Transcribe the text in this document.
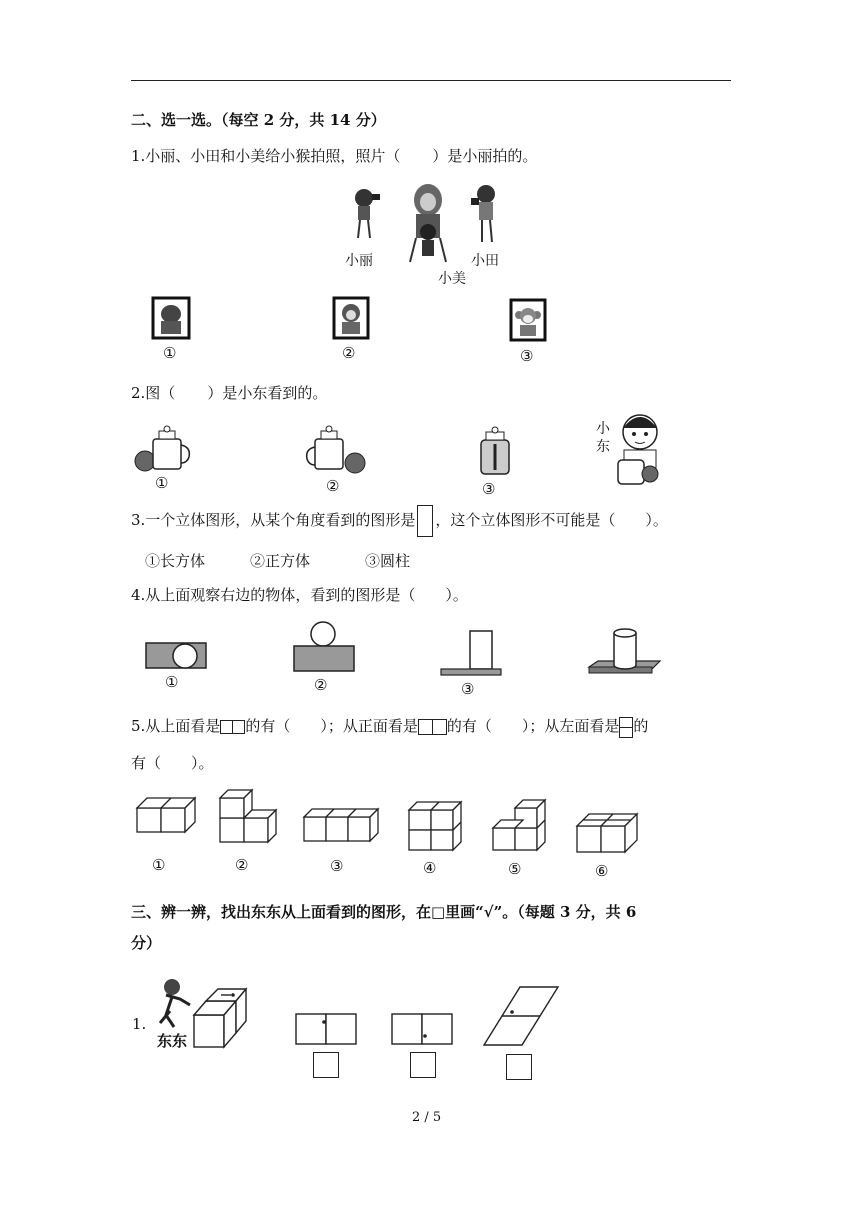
二、选一选。（每空 2 分，共 14 分）
1.小丽、小田和小美给小猴拍照，照片（ ）是小丽拍的。
小丽
小美
小田
①	②	③
2.图（ ）是小东看到的。
①	②	③
小东
3.一个立体图形，从某个角度看到的图形是 ，这个立体图形不可能是（　　）。
①长方体	②正方体	③圆柱
4.从上面观察右边的物体，看到的图形是（　　）。
①	②	③
5.从上面看是 的有（　　）；从正面看是 的有（　　）；从左面看是 的
有（　　）。
①	②	③	④	⑤	⑥
三、辨一辨，找出东东从上面看到的图形，在□里画“√”。（每题 3 分，共 6
分）
1.
东东
2 / 5
